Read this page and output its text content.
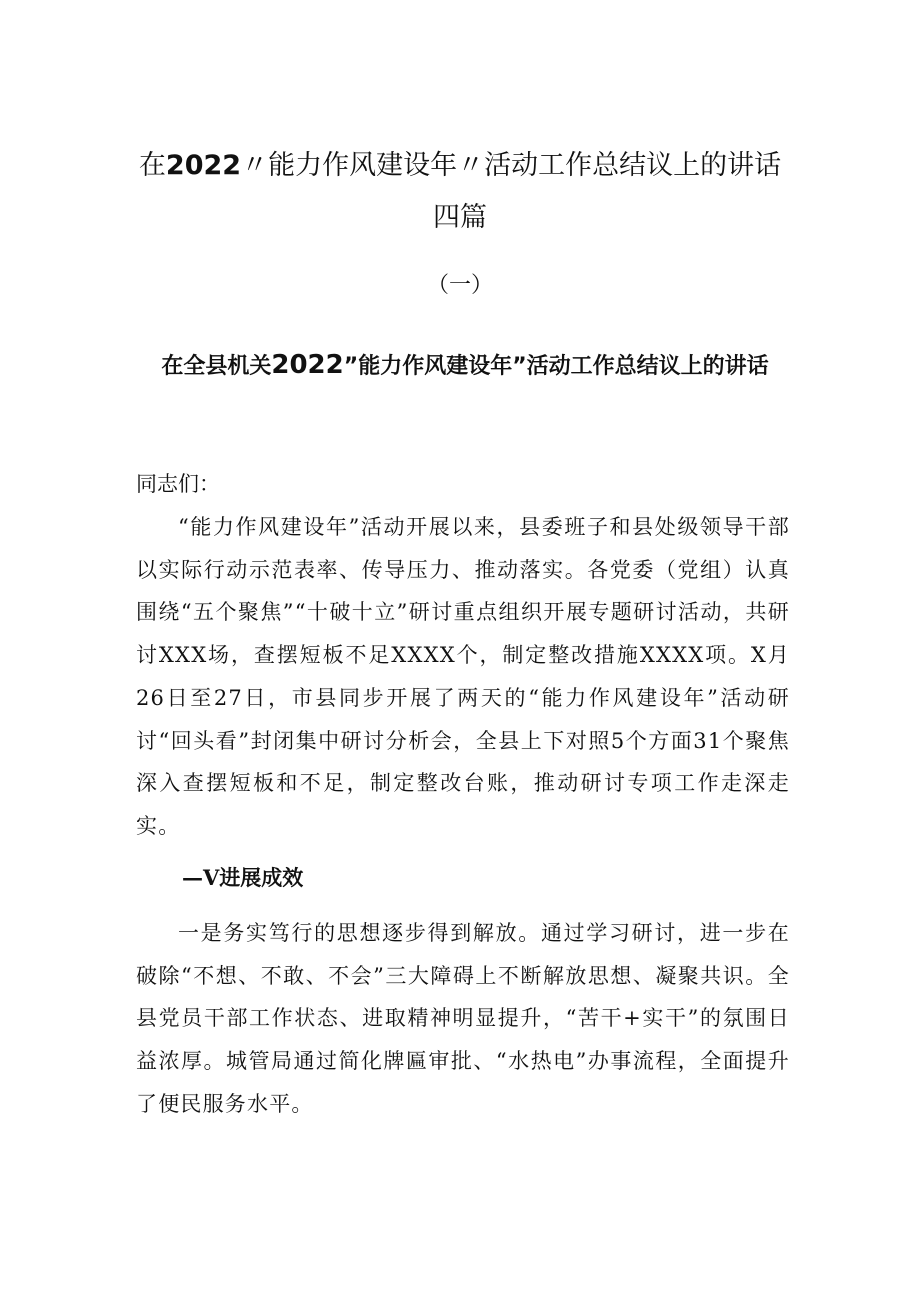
在2022〃能力作风建设年〃活动工作总结议上的讲话四篇

（一）

在全县机关2022”能力作风建设年”活动工作总结议上的讲话

同志们：

“能力作风建设年”活动开展以来，县委班子和县处级领导干部以实际行动示范表率、传导压力、推动落实。各党委（党组）认真围绕“五个聚焦”“十破十立”研讨重点组织开展专题研讨活动，共研讨XXX场，查摆短板不足XXXX个，制定整改措施XXXX项。X月26日至27日，市县同步开展了两天的“能力作风建设年”活动研讨“回头看”封闭集中研讨分析会，全县上下对照5个方面31个聚焦深入查摆短板和不足，制定整改台账，推动研讨专项工作走深走实。

—V进展成效

一是务实笃行的思想逐步得到解放。通过学习研讨，进一步在破除“不想、不敢、不会”三大障碍上不断解放思想、凝聚共识。全县党员干部工作状态、进取精神明显提升，“苦干+实干”的氛围日益浓厚。城管局通过简化牌匾审批、“水热电”办事流程，全面提升了便民服务水平。
